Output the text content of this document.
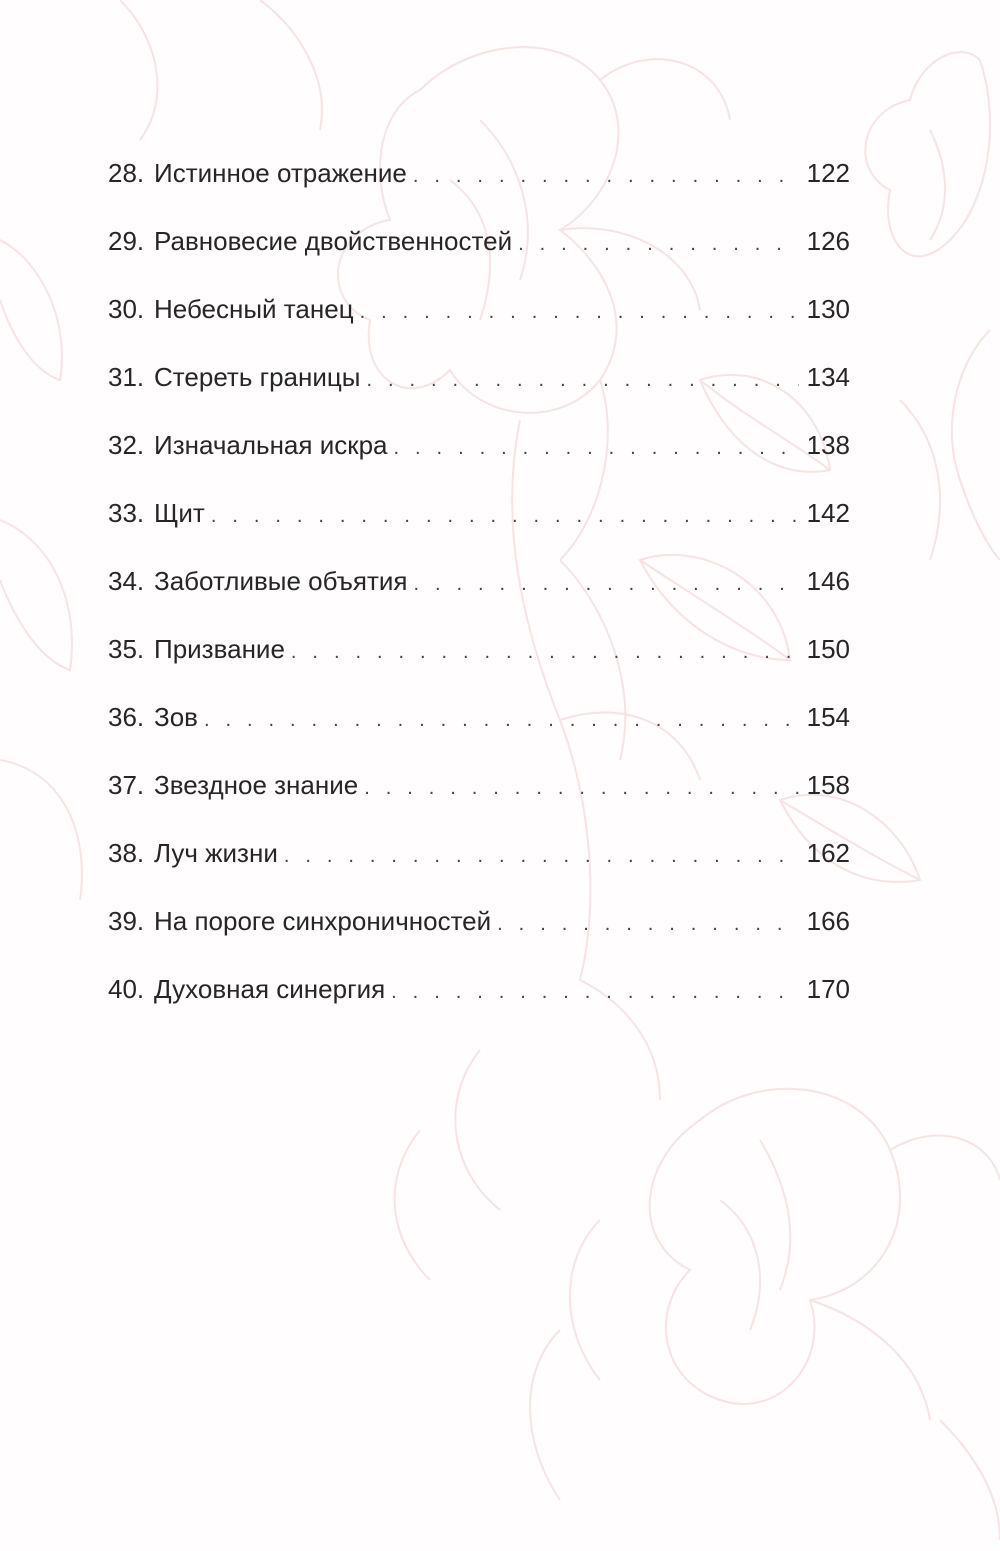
28. Истинное отражение . . .	122
29. Равновесие двойственностей . . .	126
30. Небесный танец . . .	130
31. Стереть границы . . .	134
32. Изначальная искра . . .	138
33. Щит . . .	142
34. Заботливые объятия . . .	146
35. Призвание . . .	150
36. Зов . . .	154
37. Звездное знание . . .	158
38. Луч жизни . . .	162
39. На пороге синхроничностей . . .	166
40. Духовная синергия . . .	170
